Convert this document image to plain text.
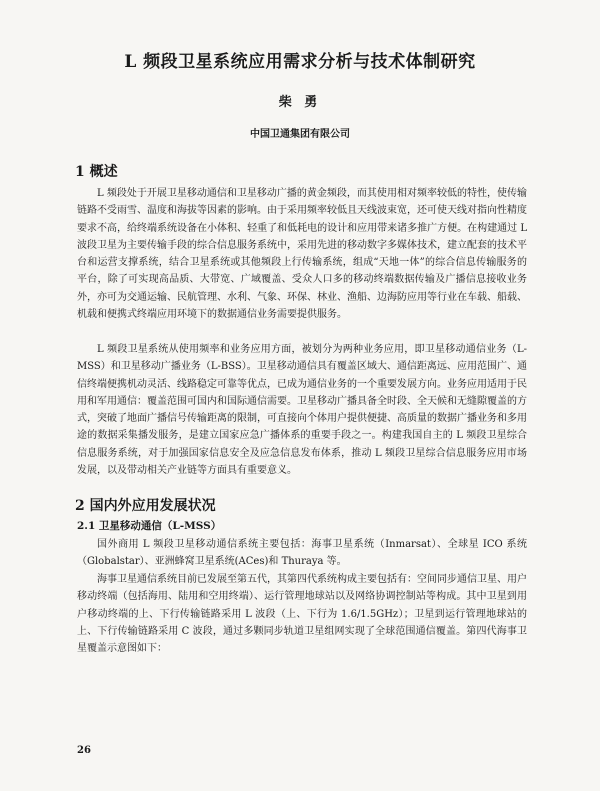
L 频段卫星系统应用需求分析与技术体制研究
柴 勇
中国卫通集团有限公司
1 概述

L 频段处于开展卫星移动通信和卫星移动广播的黄金频段，而其使用相对频率较低的特性，使传输链路不受雨雪、温度和海拔等因素的影响。由于采用频率较低且天线波束宽，还可使天线对指向性精度要求不高，给终端系统设备在小体积、轻重了和低耗电的设计和应用带来诸多推广方便。在构建通过 L 波段卫星为主要传输手段的综合信息服务系统中，采用先进的移动数字多媒体技术，建立配套的技术平台和运营支撑系统，结合卫星系统或其他频段上行传输系统，组成“天地一体”的综合信息传输服务的平台，除了可实现高品质、大带宽、广域覆盖、受众人口多的移动终端数据传输及广播信息接收业务外，亦可为交通运输、民航管理、水利、气象、环保、林业、渔船、边海防应用等行业在车载、船载、机载和便携式终端应用环境下的数据通信业务需要提供服务。

L 频段卫星系统从使用频率和业务应用方面，被划分为两种业务应用，即卫星移动通信业务（L-MSS）和卫星移动广播业务（L-BSS）。卫星移动通信具有覆盖区域大、通信距离远、应用范围广、通信终端便携机动灵活、线路稳定可靠等优点，已成为通信业务的一个重要发展方向。业务应用适用于民用和军用通信：覆盖范围可国内和国际通信需要。卫星移动广播具备全时段、全天候和无缝隙覆盖的方式，突破了地面广播信号传输距离的限制，可直接向个体用户提供便捷、高质量的数据广播业务和多用途的数据采集播发服务，是建立国家应急广播体系的重要手段之一。构建我国自主的 L 频段卫星综合信息服务系统，对于加强国家信息安全及应急信息发布体系，推动 L 频段卫星综合信息服务应用市场发展，以及带动相关产业链等方面具有重要意义。

2 国内外应用发展状况
2.1 卫星移动通信（L-MSS）

国外商用 L 频段卫星移动通信系统主要包括：海事卫星系统（Inmarsat）、全球星 ICO 系统（Globalstar）、亚洲蜂窝卫星系统(ACes)和 Thuraya 等。

海事卫星通信系统目前已发展至第五代，其第四代系统构成主要包括有：空间同步通信卫星、用户移动终端（包括海用、陆用和空用终端）、运行管理地球站以及网络协调控制站等构成。其中卫星到用户移动终端的上、下行传输链路采用 L 波段（上、下行为 1.6/1.5GHz）；卫星到运行管理地球站的上、下行传输链路采用 C 波段，通过多颗同步轨道卫星组网实现了全球范围通信覆盖。第四代海事卫星覆盖示意图如下：

26
